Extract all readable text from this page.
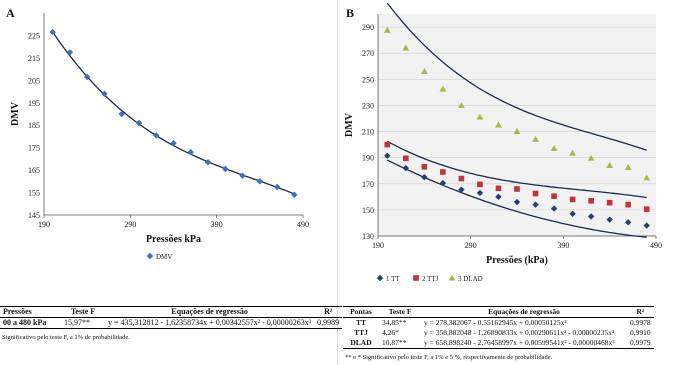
A	B
145
155
165
175
185
195
205
215
225
190	290	390	490
Pressões kPa
DMV
DMV
130
150
170
190
210
230
250
270
290
190	290	390	490
Pressões (kPa)
DMV
1 TT	2 TTJ	3 DLAD
Pressões	Teste F	Equações de regressão	R²
00 a 480 kPa	15,97**	y = 435,312812 - 1,62358734x + 0,00342557x² - 0,00000263x³	0,9989
Significativo pelo teste F, a 1% de probabilidade.
Pontas	Teste F	Equações de regressão	R²
TT	34,85**	y = 278,382067 - 0,55162945x + 0,00050125x²	0,9978
TTJ	4,26*	y = 358,882048 - 1,26890833x + 0,00290611x² - 0,00000235x³	0,9910
DLAD	10,87**	y = 658,898240 - 2,76458997x + 0,00599541x² - 0,00000468x³	0,9979
** e * Significativo pelo teste F, a 1% e 5 %, respectivamente de probabilidade.
